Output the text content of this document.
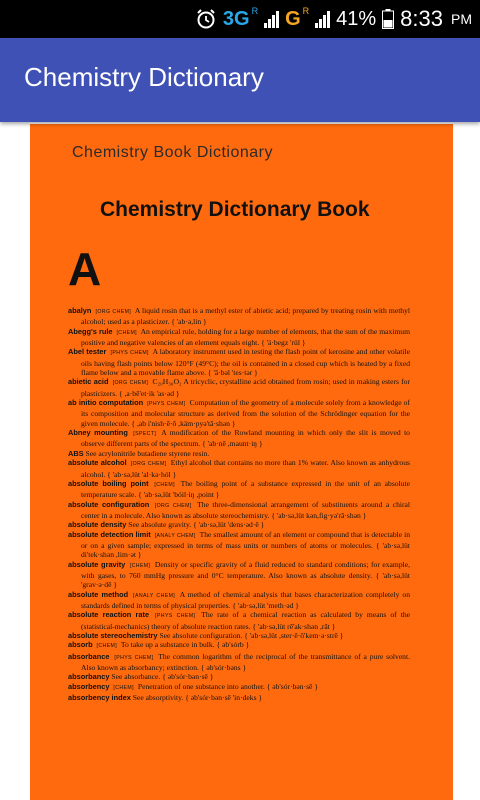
3G R G R 41% 8:33 PM
Chemistry Dictionary
Chemistry Book Dictionary
Chemistry Dictionary Book
A

abalyn [ORG CHEM] A liquid rosin that is a methyl ester of abietic acid; prepared by treating rosin with methyl alcohol; used as a plasticizer. { 'ab·ə,lin }

Abegg's rule [CHEM] An empirical rule, holding for a large number of elements, that the sum of the maximum positive and negative valencies of an element equals eight. { 'ä·begz 'rül }

Abel tester [PHYS CHEM] A laboratory instrument used in testing the flash point of kerosine and other volatile oils having flash points below 120°F (49°C); the oil is contained in a closed cup which is heated by a fixed flame below and a movable flame above. { 'ā·bəl 'tes·tər }

abietic acid [ORG CHEM] C₂₀H₃₀O₂ A tricyclic, crystalline acid obtained from rosin; used in making esters for plasticizers. { ,a·bē'et·ik 'as·əd }

ab initio computation [PHYS CHEM] Computation of the geometry of a molecule solely from a knowledge of its composition and molecular structure as derived from the solution of the Schrödinger equation for the given molecule. { ,ab i'nish·ē·ō ,käm·pyə'tā·shən }

Abney mounting [SPECT] A modification of the Rowland mounting in which only the slit is moved to observe different parts of the spectrum. { 'ab·nē ,maunt·iŋ }

ABS See acrylonitrile butadiene styrene resin.

absolute alcohol [ORG CHEM] Ethyl alcohol that contains no more than 1% water. Also known as anhydrous alcohol. { 'ab·sə,lüt 'al·kə·hól }

absolute boiling point [CHEM] The boiling point of a substance expressed in the unit of an absolute temperature scale. { 'ab·sə,lüt 'bóil·iŋ ,point }

absolute configuration [ORG CHEM] The three-dimensional arrangement of substituents around a chiral center in a molecule. Also known as absolute stereochemistry. { 'ab·sə,lüt kən,fig·yə'rā·shən }

absolute density See absolute gravity. { 'ab·sə,lüt 'dens·əd·ē }

absolute detection limit [ANALY CHEM] The smallest amount of an element or compound that is detectable in or on a given sample; expressed in terms of mass units or numbers of atoms or molecules. { 'ab·sə,lüt di'tek·shən ,lim·ət }

absolute gravity [CHEM] Density or specific gravity of a fluid reduced to standard conditions; for example, with gases, to 760 mmHg pressure and 0°C temperature. Also known as absolute density. { 'ab·sə,lüt 'grav·ə·dē }

absolute method [ANALY CHEM] A method of chemical analysis that bases characterization completely on standards defined in terms of physical properties. { 'ab·sə,lüt 'meth·əd }

absolute reaction rate [PHYS CHEM] The rate of a chemical reaction as calculated by means of the (statistical-mechanics) theory of absolute reaction rates. { 'ab·sə,lüt rē'ak·shən ,rāt }

absolute stereochemistry See absolute configuration. { 'ab·sə,lüt ,ster·ē·ō'kem·ə·strē }

absorb [CHEM] To take up a substance in bulk. { əb'sórb }

absorbance [PHYS CHEM] The common logarithm of the reciprocal of the transmittance of a pure solvent. Also known as absorbancy; extinction. { əb'sór·bəns }

absorbancy See absorbance. { əb'sór·bən·sē }

absorbency [CHEM] Penetration of one substance into another. { əb'sór·bən·sē }

absorbency index See absorptivity. { əb'sór·bən·sē 'in·deks }
